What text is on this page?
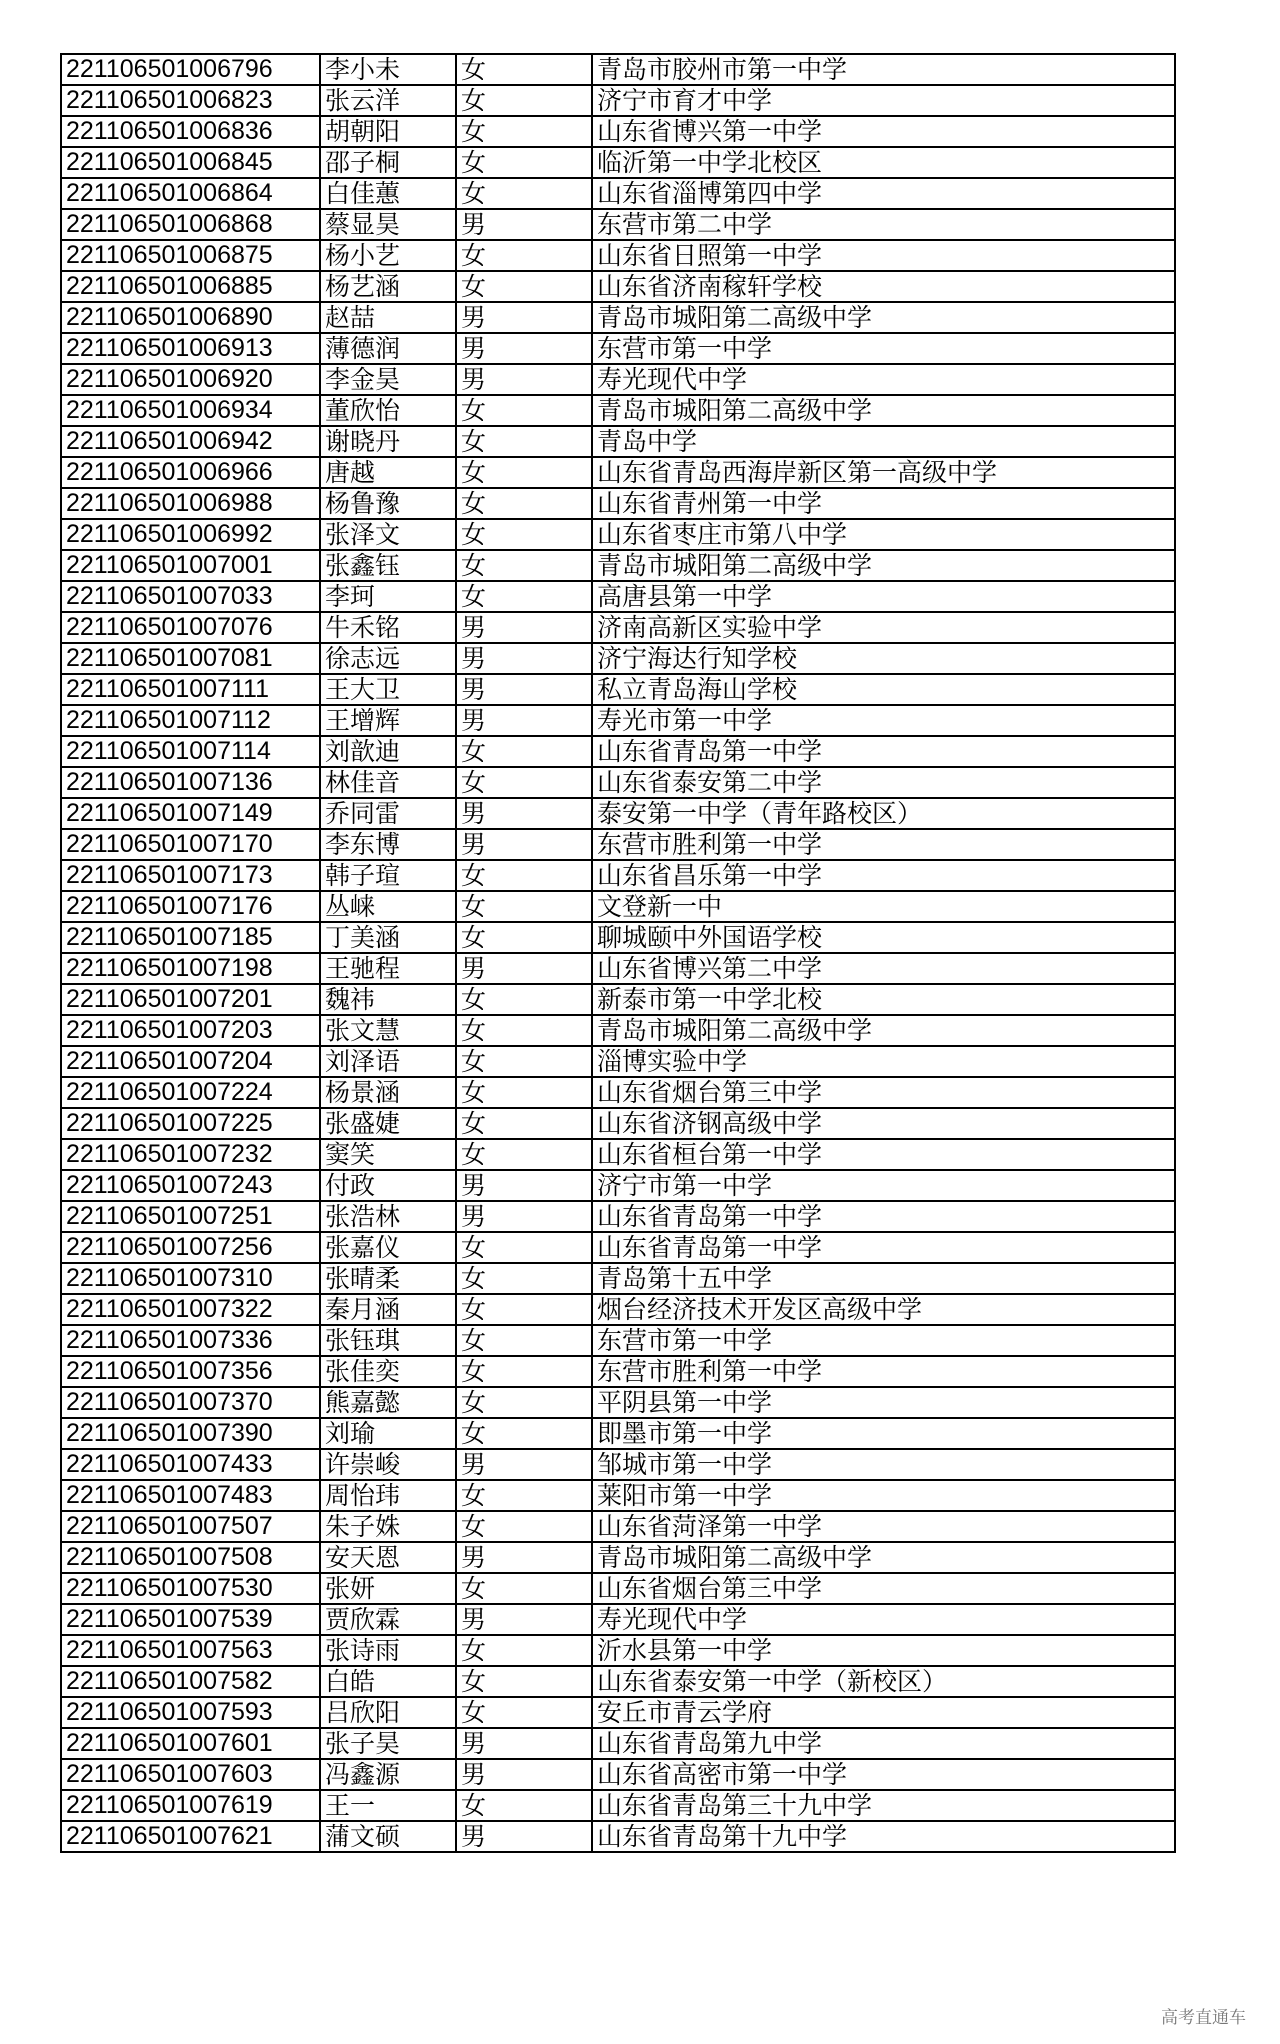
221106501006796	李小未	女	青岛市胶州市第一中学
221106501006823	张云洋	女	济宁市育才中学
221106501006836	胡朝阳	女	山东省博兴第一中学
221106501006845	邵子桐	女	临沂第一中学北校区
221106501006864	白佳蕙	女	山东省淄博第四中学
221106501006868	蔡显昊	男	东营市第二中学
221106501006875	杨小艺	女	山东省日照第一中学
221106501006885	杨艺涵	女	山东省济南稼轩学校
221106501006890	赵喆	男	青岛市城阳第二高级中学
221106501006913	薄德润	男	东营市第一中学
221106501006920	李金昊	男	寿光现代中学
221106501006934	董欣怡	女	青岛市城阳第二高级中学
221106501006942	谢晓丹	女	青岛中学
221106501006966	唐越	女	山东省青岛西海岸新区第一高级中学
221106501006988	杨鲁豫	女	山东省青州第一中学
221106501006992	张泽文	女	山东省枣庄市第八中学
221106501007001	张鑫钰	女	青岛市城阳第二高级中学
221106501007033	李珂	女	高唐县第一中学
221106501007076	牛禾铭	男	济南高新区实验中学
221106501007081	徐志远	男	济宁海达行知学校
221106501007111	王大卫	男	私立青岛海山学校
221106501007112	王增辉	男	寿光市第一中学
221106501007114	刘歆迪	女	山东省青岛第一中学
221106501007136	林佳音	女	山东省泰安第二中学
221106501007149	乔同雷	男	泰安第一中学（青年路校区）
221106501007170	李东博	男	东营市胜利第一中学
221106501007173	韩子瑄	女	山东省昌乐第一中学
221106501007176	丛崃	女	文登新一中
221106501007185	丁美涵	女	聊城颐中外国语学校
221106501007198	王驰程	男	山东省博兴第二中学
221106501007201	魏祎	女	新泰市第一中学北校
221106501007203	张文慧	女	青岛市城阳第二高级中学
221106501007204	刘泽语	女	淄博实验中学
221106501007224	杨景涵	女	山东省烟台第三中学
221106501007225	张盛婕	女	山东省济钢高级中学
221106501007232	窦笑	女	山东省桓台第一中学
221106501007243	付政	男	济宁市第一中学
221106501007251	张浩林	男	山东省青岛第一中学
221106501007256	张嘉仪	女	山东省青岛第一中学
221106501007310	张晴柔	女	青岛第十五中学
221106501007322	秦月涵	女	烟台经济技术开发区高级中学
221106501007336	张钰琪	女	东营市第一中学
221106501007356	张佳奕	女	东营市胜利第一中学
221106501007370	熊嘉懿	女	平阴县第一中学
221106501007390	刘瑜	女	即墨市第一中学
221106501007433	许崇峻	男	邹城市第一中学
221106501007483	周怡玮	女	莱阳市第一中学
221106501007507	朱子姝	女	山东省菏泽第一中学
221106501007508	安天恩	男	青岛市城阳第二高级中学
221106501007530	张妍	女	山东省烟台第三中学
221106501007539	贾欣霖	男	寿光现代中学
221106501007563	张诗雨	女	沂水县第一中学
221106501007582	白皓	女	山东省泰安第一中学（新校区）
221106501007593	吕欣阳	女	安丘市青云学府
221106501007601	张子昊	男	山东省青岛第九中学
221106501007603	冯鑫源	男	山东省高密市第一中学
221106501007619	王一	女	山东省青岛第三十九中学
221106501007621	蒲文硕	男	山东省青岛第十九中学
高考直通车
